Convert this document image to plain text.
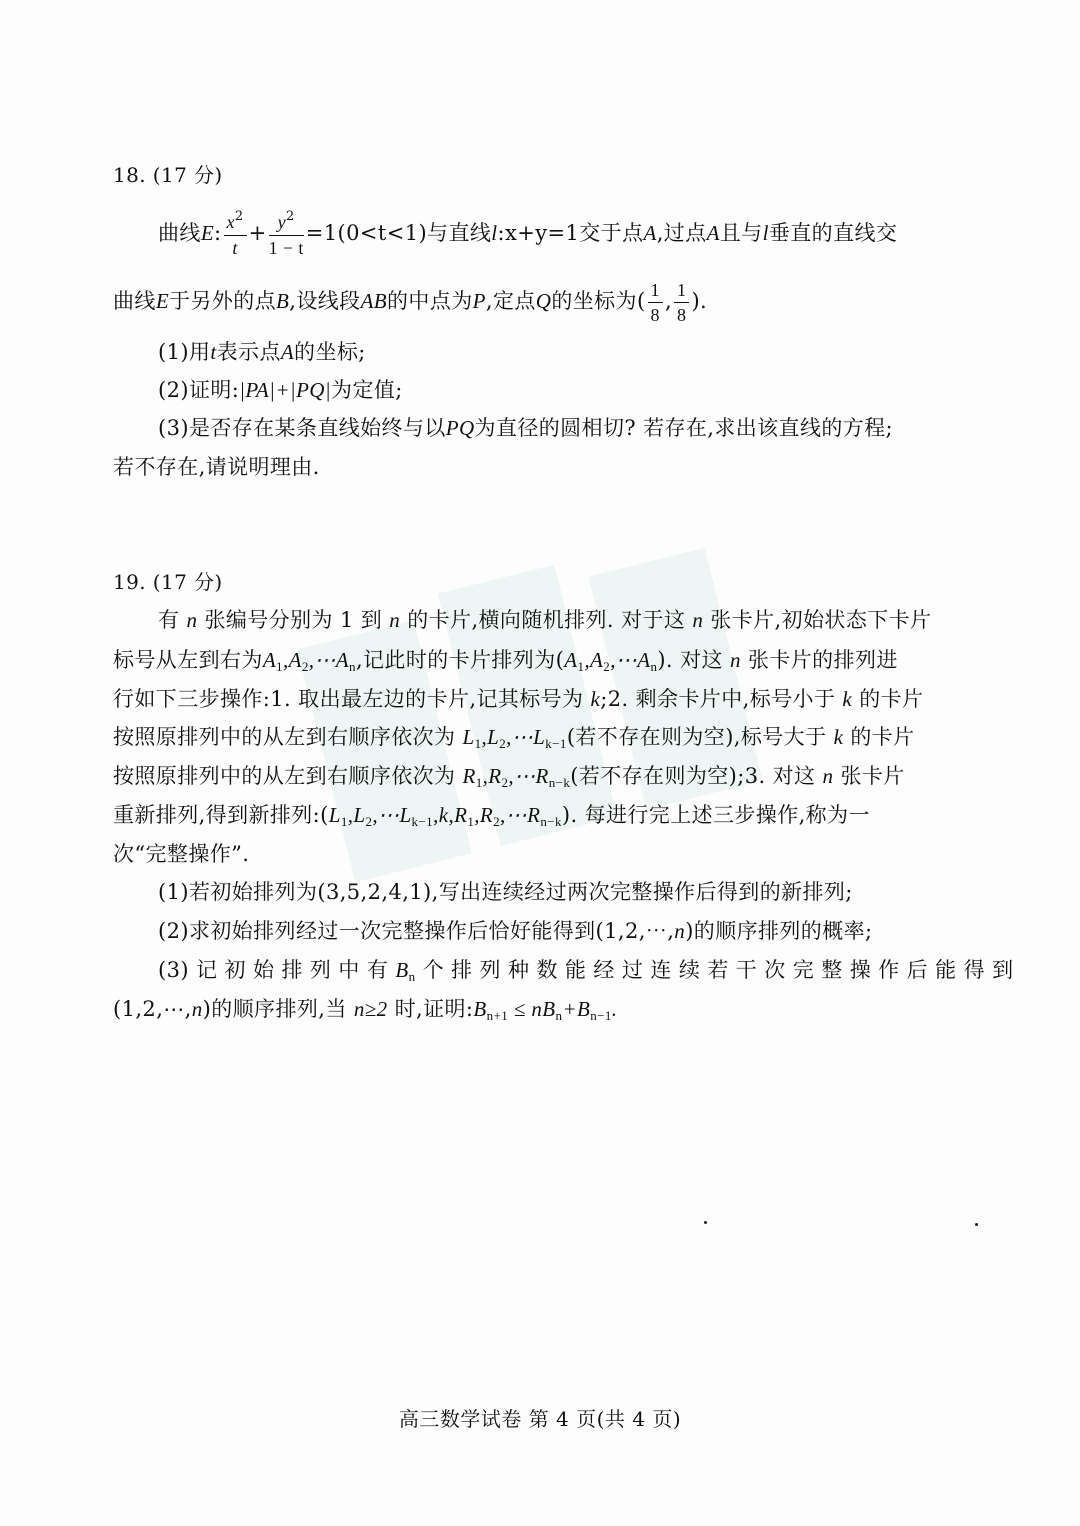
18. (17 分)
曲线E: $\frac{x^2}{t} + \frac{y^2}{1 - t} =1(0<t<1)$与直线l:x+y=1交于点A,过点A且与l垂直的直线交
曲线E于另外的点B,设线段AB的中点为P,定点Q的坐标为( $\frac{1}{8}$ , $\frac{1}{8}$ ).
(1)用t表示点A的坐标;
(2)证明:|PA|+|PQ|为定值;
(3)是否存在某条直线始终与以PQ为直径的圆相切? 若存在,求出该直线的方程;
若不存在,请说明理由.
19. (17 分)
有 n 张编号分别为 1 到 n 的卡片,横向随机排列. 对于这 n 张卡片,初始状态下卡片
标号从左到右为$A_1,A_2,\cdots A_n$,记此时的卡片排列为$(A_1,A_2,\cdots A_n)$. 对这 n 张卡片的排列进
行如下三步操作:1. 取出最左边的卡片,记其标号为 k;2. 剩余卡片中,标号小于 k 的卡片
按照原排列中的从左到右顺序依次为 $L_1,L_2,\cdots L_{k-1}$(若不存在则为空),标号大于 k 的卡片
按照原排列中的从左到右顺序依次为 $R_1,R_2,\cdots R_{n-k}$(若不存在则为空);3. 对这 n 张卡片
重新排列,得到新排列$:(L_1,L_2,\cdots L_{k-1},k,R_1,R_2,\cdots R_{n-k})$. 每进行完上述三步操作,称为一
次“完整操作”.
(1)若初始排列为(3,5,2,4,1),写出连续经过两次完整操作后得到的新排列;
(2)求初始排列经过一次完整操作后恰好能得到(1,2,⋯,n)的顺序排列的概率;
(3) 记 初 始 排 列 中 有 $B_n$ 个 排 列 种 数 能 经 过 连 续 若 干 次 完 整 操 作 后 能 得 到
(1,2,⋯,n)的顺序排列,当 n≥2 时,证明$:B_{n+1} \le nB_n+B_{n-1}$.
高三数学试卷 第 4 页(共 4 页)
